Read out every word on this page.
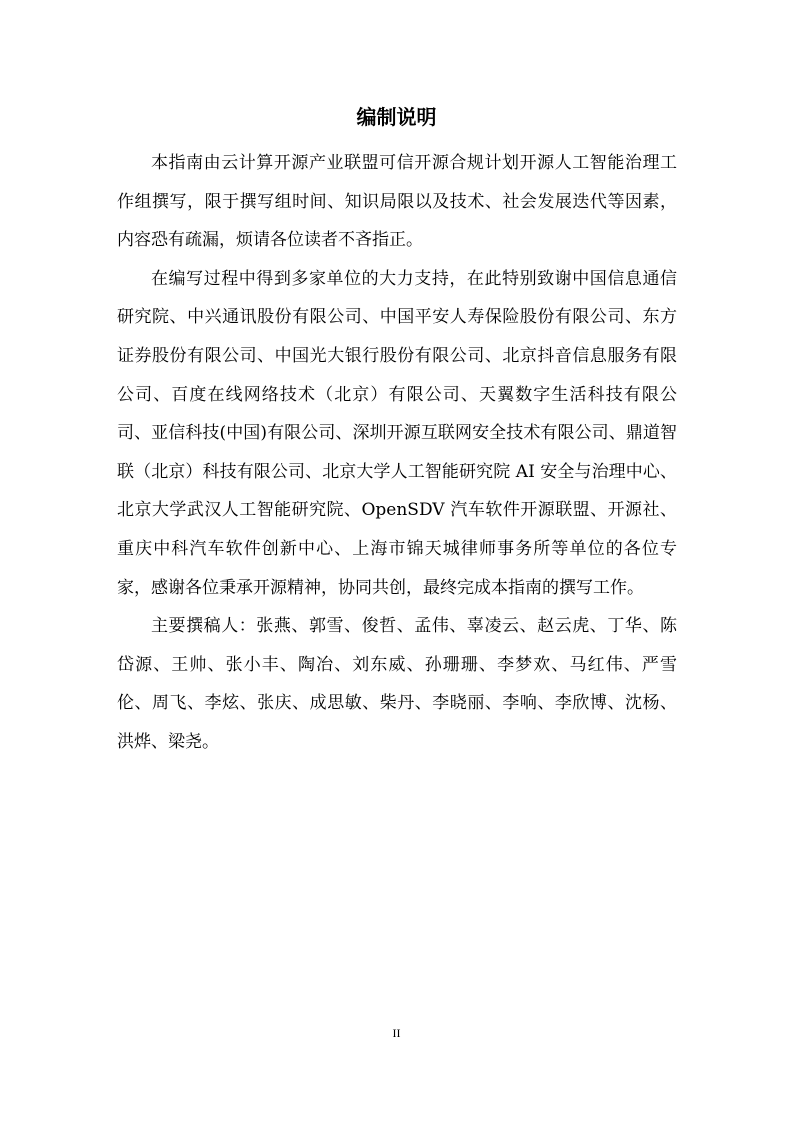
编制说明

本指南由云计算开源产业联盟可信开源合规计划开源人工智能治理工作组撰写，限于撰写组时间、知识局限以及技术、社会发展迭代等因素，内容恐有疏漏，烦请各位读者不吝指正。

在编写过程中得到多家单位的大力支持，在此特别致谢中国信息通信研究院、中兴通讯股份有限公司、中国平安人寿保险股份有限公司、东方证券股份有限公司、中国光大银行股份有限公司、北京抖音信息服务有限公司、百度在线网络技术（北京）有限公司、天翼数字生活科技有限公司、亚信科技(中国)有限公司、深圳开源互联网安全技术有限公司、鼎道智联（北京）科技有限公司、北京大学人工智能研究院 AI 安全与治理中心、北京大学武汉人工智能研究院、OpenSDV 汽车软件开源联盟、开源社、重庆中科汽车软件创新中心、上海市锦天城律师事务所等单位的各位专家，感谢各位秉承开源精神，协同共创，最终完成本指南的撰写工作。

主要撰稿人：张燕、郭雪、俊哲、孟伟、辜凌云、赵云虎、丁华、陈岱源、王帅、张小丰、陶冶、刘东威、孙珊珊、李梦欢、马红伟、严雪伦、周飞、李炫、张庆、成思敏、柴丹、李晓丽、李响、李欣博、沈杨、洪烨、梁尧。

II
